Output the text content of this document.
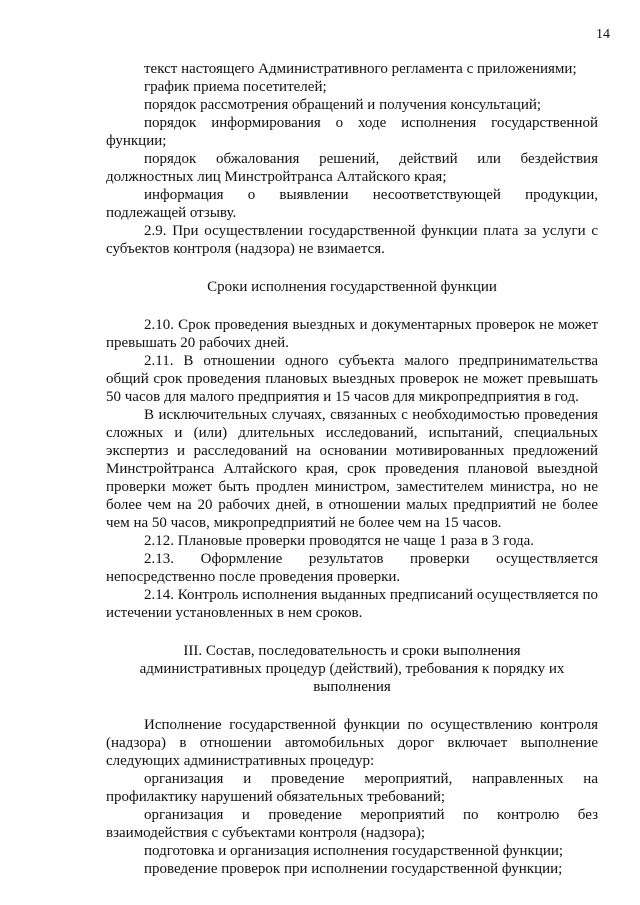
14

текст настоящего Административного регламента с приложениями;

график приема посетителей;

порядок рассмотрения обращений и получения консультаций;

порядок информирования о ходе исполнения государственной функции;

порядок обжалования решений, действий или бездействия должностных лиц Минстройтранса Алтайского края;

информация о выявлении несоответствующей продукции, подлежащей отзыву.

2.9. При осуществлении государственной функции плата за услуги с субъектов контроля (надзора) не взимается.

Сроки исполнения государственной функции

2.10. Срок проведения выездных и документарных проверок не может превышать 20 рабочих дней.

2.11. В отношении одного субъекта малого предпринимательства общий срок проведения плановых выездных проверок не может превышать 50 часов для малого предприятия и 15 часов для микропредприятия в год.

В исключительных случаях, связанных с необходимостью проведения сложных и (или) длительных исследований, испытаний, специальных экспертиз и расследований на основании мотивированных предложений Минстройтранса Алтайского края, срок проведения плановой выездной проверки может быть продлен министром, заместителем министра, но не более чем на 20 рабочих дней, в отношении малых предприятий не более чем на 50 часов, микропредприятий не более чем на 15 часов.

2.12. Плановые проверки проводятся не чаще 1 раза в 3 года.

2.13. Оформление результатов проверки осуществляется непосредственно после проведения проверки.

2.14. Контроль исполнения выданных предписаний осуществляется по истечении установленных в нем сроков.

III. Состав, последовательность и сроки выполнения

административных процедур (действий), требования к порядку их

выполнения

Исполнение государственной функции по осуществлению контроля (надзора) в отношении автомобильных дорог включает выполнение следующих административных процедур:

организация и проведение мероприятий, направленных на профилактику нарушений обязательных требований;

организация и проведение мероприятий по контролю без взаимодействия с субъектами контроля (надзора);

подготовка и организация исполнения государственной функции;

проведение проверок при исполнении государственной функции;
